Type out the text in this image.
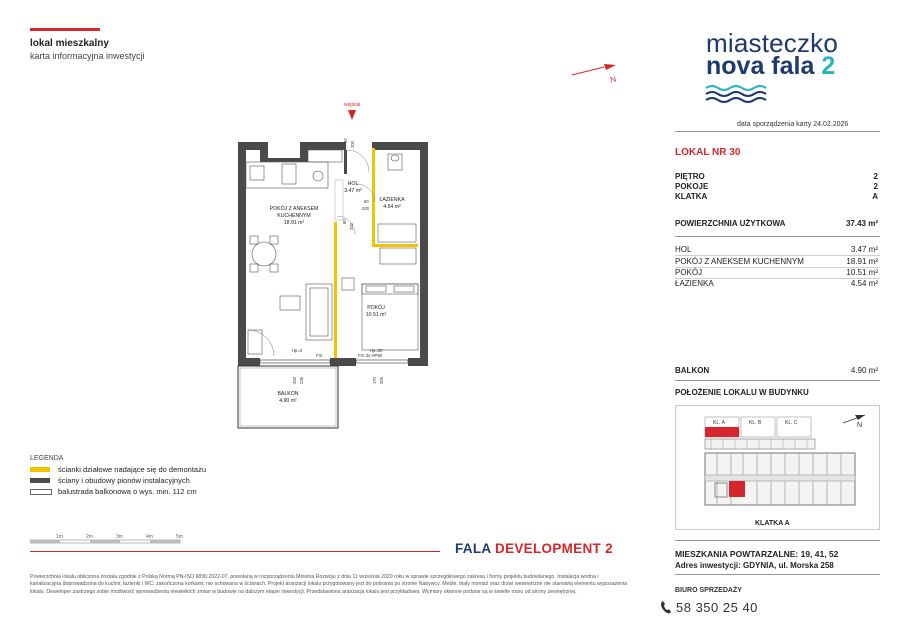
lokal mieszkalny
karta informacyjna inwestycji
N
miasteczko
nova fala 2
data sporządzenia karty 24.02.2026
LOKAL NR 30
PIĘTRO	2
POKOJE	2
KLATKA	A
POWIERZCHNIA UŻYTKOWA	37.43 m²
HOL	3.47 m²
POKÓJ Z ANEKSEM KUCHENNYM	18.91 m²
POKÓJ	10.51 m²
ŁAZIENKA	4.54 m²
BALKON	4.90 m²
POŁOŻENIE LOKALU W BUDYNKU
KL. A	KL. B	KL. C	N
KLATKA A
MIESZKANIA POWTARZALNE: 19, 41, 52
Adres inwestycji: GDYNIA, ul. Morska 258
BIURO SPRZEDAŻY
58 350 25 40
FALA DEVELOPMENT 2
Powierzchnia lokalu obliczona zostala zgodnie z Polską Normą PN-ISO 9836:2022-07, powołaną w rozporządzeniu Ministra Rozwoju z dnia 11 września 2020 roku w sprawie szczegółowego zakresu i formy projektu budowlanego. Instalacja wodna i kanalizacyjna doprowadzona do kuchni, łazienki i WC, zakończona korkami, nie schowana w ścianach. Projekt aranżacji lokalu przygotowany jest do pobrania po stronie Nabywcy. Meble, biały montaż oraz drzwi wewnętrzne nie stanowią elementu wyposażenia lokalu. Deweloper zastrzega sobie możliwość wprowadzenia niewielkich zmian w budowie na dalszym etapie inwestycji. Przedstawiona aranżacja lokalu jest przykładowa. Wymiary okienne podane są w świetle muru od strony zewnętrznej.
LEGENDA
ścianki działowe nadające się do demontażu
ściany i obudowy pionów instalacyjnych
balustrada balkonowa o wys. min. 112 cm
1m	2m	3m	4m	5m
wejście
HOL
3.47 m²
POKÓJ Z ANEKSEM
KUCHENNYM
18.91 m²
ŁAZIENKA
4.54 m²
POKÓJ
10.51 m²
BALKON
4.90 m²
90
200
80
200
80
200
Hp=0
FIX
Hp=30
FIX do HP90
250 236	170 206
